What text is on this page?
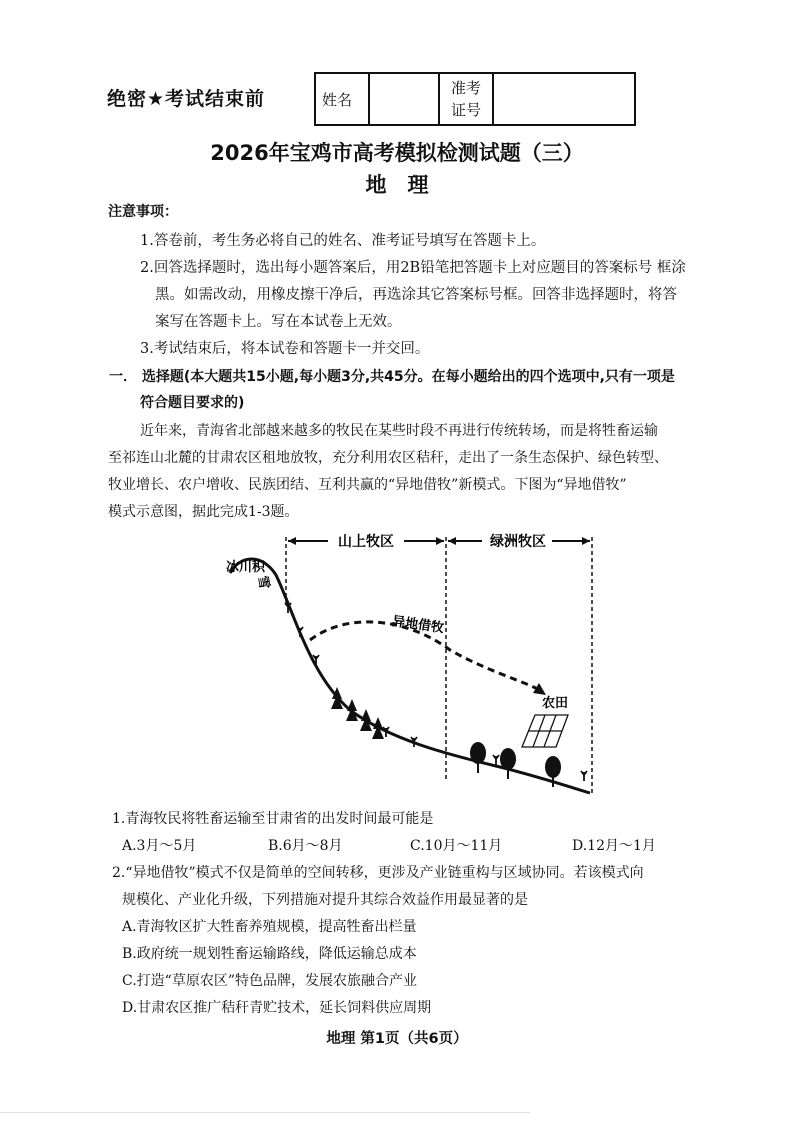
绝密★考试结束前	姓名		准考
证号	
2026年宝鸡市高考模拟检测试题（三）
地　理
注意事项：
1.答卷前，考生务必将自己的姓名、准考证号填写在答题卡上。
2.回答选择题时，选出每小题答案后，用2B铅笔把答题卡上对应题目的答案标号 框涂
黑。如需改动，用橡皮擦干净后，再选涂其它答案标号框。回答非选择题时，将答
案写在答题卡上。写在本试卷上无效。
3.考试结束后，将本试卷和答题卡一并交回。
一． 选择题(本大题共15小题,每小题3分,共45分。在每小题给出的四个选项中,只有一项是
符合题目要求的)
近年来，青海省北部越来越多的牧民在某些时段不再进行传统转场，而是将牲畜运输
至祁连山北麓的甘肃农区租地放牧，充分利用农区秸秆，走出了一条生态保护、绿色转型、
牧业增长、农户增收、民族团结、互利共赢的“异地借牧”新模式。下图为“异地借牧”
模式示意图，据此完成1-3题。
山上牧区	绿洲牧区
冰川积
雪
异地借牧
农田
1.青海牧民将牲畜运输至甘肃省的出发时间最可能是
A.3月～5月	B.6月～8月	C.10月～11月	D.12月～1月
2.“异地借牧”模式不仅是简单的空间转移，更涉及产业链重构与区域协同。若该模式向
规模化、产业化升级，下列措施对提升其综合效益作用最显著的是
A.青海牧区扩大牲畜养殖规模，提高牲畜出栏量
B.政府统一规划牲畜运输路线，降低运输总成本
C.打造“草原农区”特色品牌，发展农旅融合产业
D.甘肃农区推广秸秆青贮技术，延长饲料供应周期
地理 第1页（共6页）
